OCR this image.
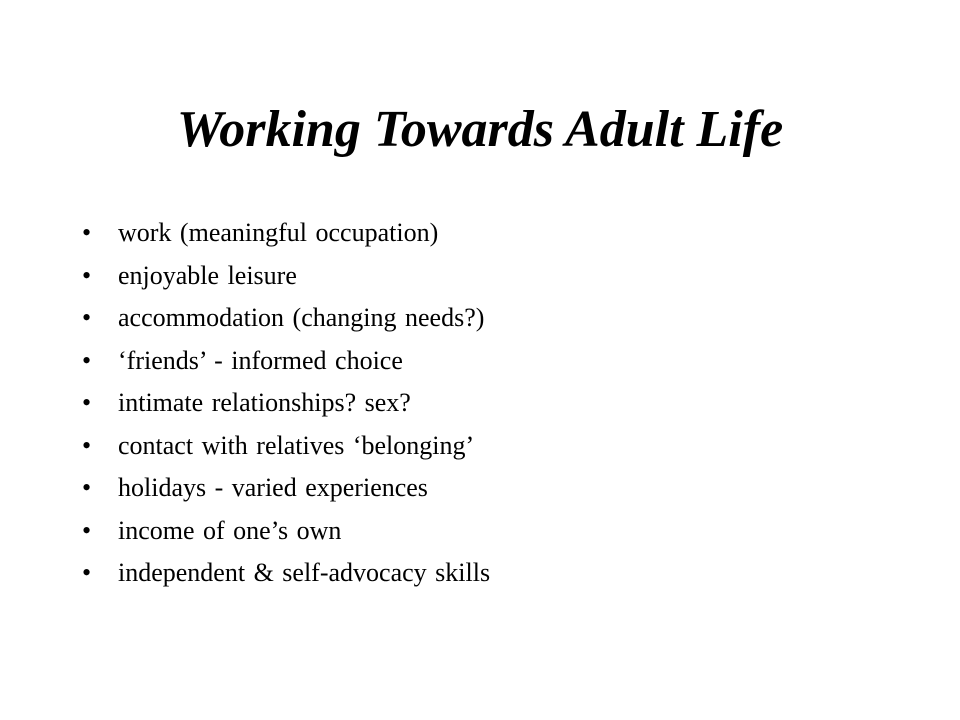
Working Towards Adult Life
•	work (meaningful occupation)
•	enjoyable leisure
•	accommodation (changing needs?)
•	‘friends’ - informed choice
•	intimate relationships? sex?
•	contact with relatives ‘belonging’
•	holidays - varied experiences
•	income of one’s own
•	independent & self-advocacy skills
